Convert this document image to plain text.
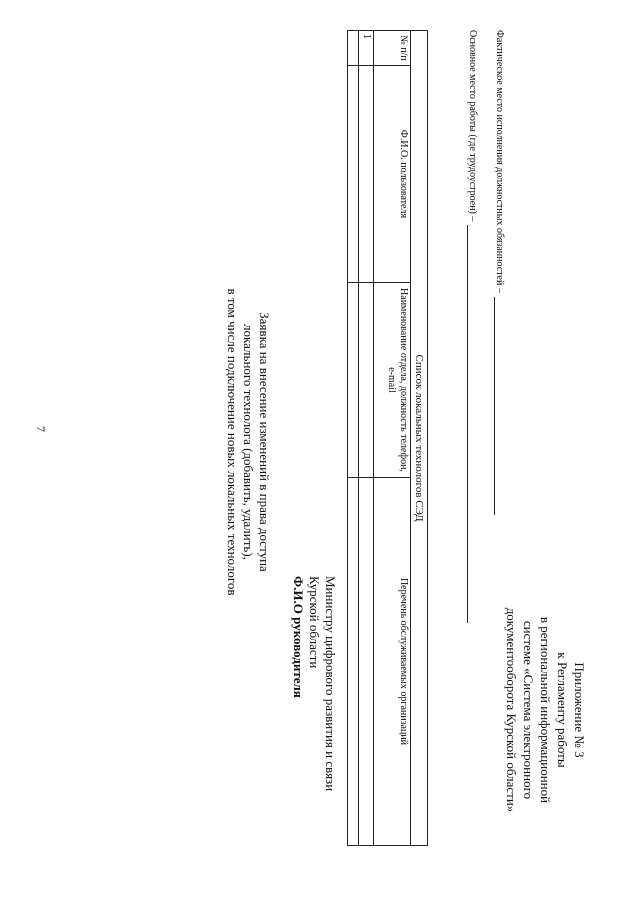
7
Приложение № 3
к Регламенту работы
в региональной информационной
системе «Система электронного
документооборота Курской области»
Заявка на внесение изменений в права доступа
локального технолога (добавить, удалить),
в том числе подключение новых локальных технологов
Министру цифрового развития и связи
Курской области
Ф.И.О руководителя
Список локальных технологов СЭД			
№ п/п	Ф.И.О. пользователя	Наименование отдела, должность телефон, e-mail	Перечень обслуживаемых организаций
1			
				Основное место работы (где трудоустроен) – Фактическое место исполнения должностных обязанностей –
